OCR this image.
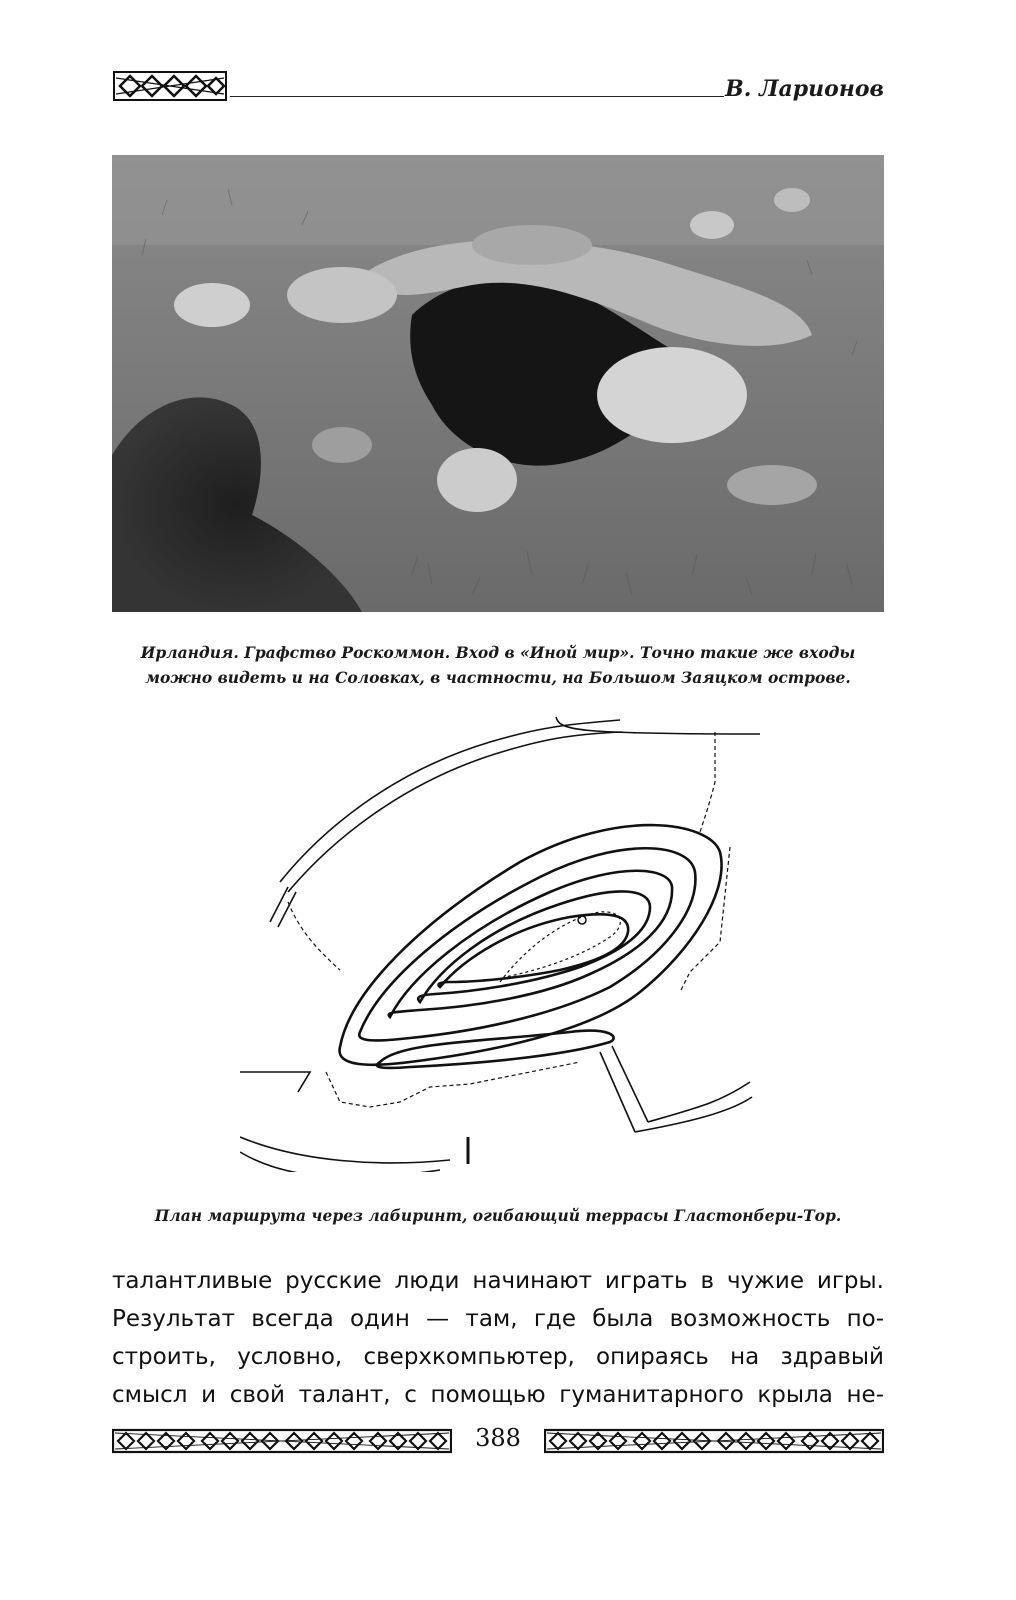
В. Ларионов
Ирландия. Графство Роскоммон. Вход в «Иной мир». Точно такие же входы
можно видеть и на Соловках, в частности, на Большом Заяцком острове.
План маршрута через лабиринт, огибающий террасы Гластонбери-Тор.
талантливые русские люди начинают играть в чужие игры.
Результат всегда один — там, где была возможность по-
строить, условно, сверхкомпьютер, опираясь на здравый
смысл и свой талант, с помощью гуманитарного крыла не-
388
